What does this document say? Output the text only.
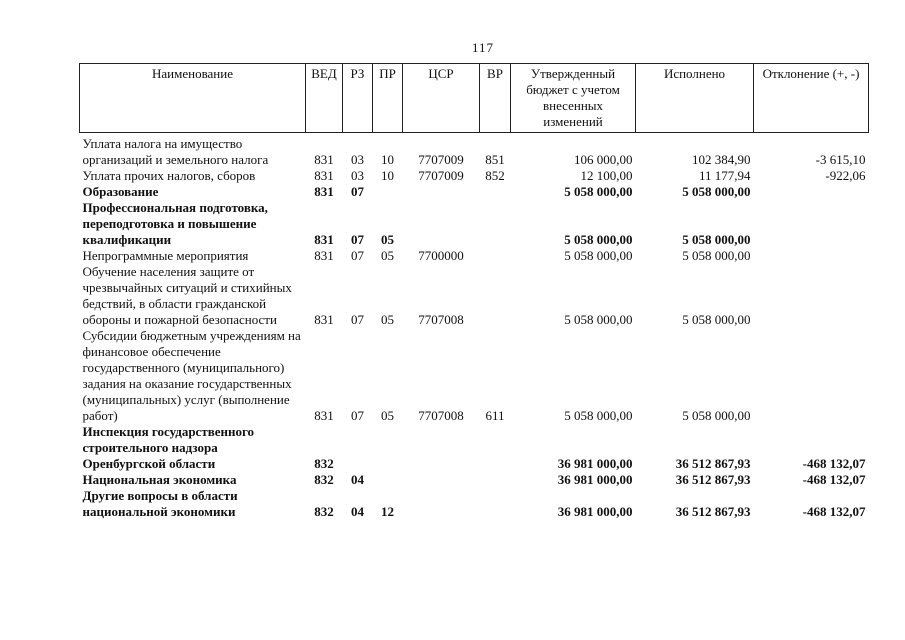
117
Наименование	ВЕД	РЗ	ПР	ЦСР	ВР	Утвержденный бюджет с учетом внесенных изменений	Исполнено	Отклонение (+, -)
Уплата налога на имущество организаций и земельного налога	831	03	10	7707009	851	106 000,00	102 384,90	-3 615,10
Уплата прочих налогов, сборов	831	03	10	7707009	852	12 100,00	11 177,94	-922,06
Образование	831	07				5 058 000,00	5 058 000,00	
Профессиональная подготовка, переподготовка и повышение квалификации	831	07	05			5 058 000,00	5 058 000,00	
Непрограммные мероприятия	831	07	05	7700000		5 058 000,00	5 058 000,00	
Обучение населения защите от чрезвычайных ситуаций и стихийных бедствий, в области гражданской обороны и пожарной безопасности	831	07	05	7707008		5 058 000,00	5 058 000,00	
Субсидии бюджетным учреждениям на финансовое обеспечение государственного (муниципального) задания на оказание государственных (муниципальных) услуг (выполнение работ)	831	07	05	7707008	611	5 058 000,00	5 058 000,00	
Инспекция государственного строительного надзора Оренбургской области	832					36 981 000,00	36 512 867,93	-468 132,07
Национальная экономика	832	04				36 981 000,00	36 512 867,93	-468 132,07
Другие вопросы в области национальной экономики	832	04	12			36 981 000,00	36 512 867,93	-468 132,07
